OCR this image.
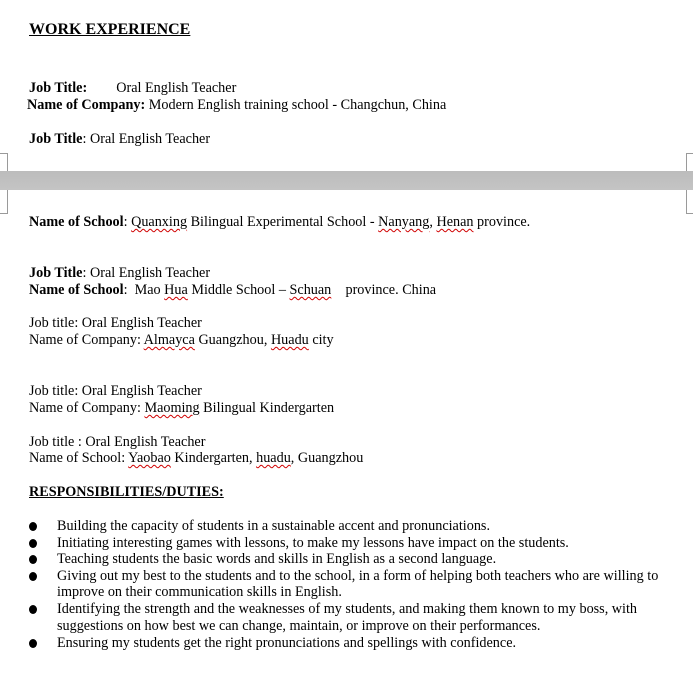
WORK EXPERIENCE
Job Title: Oral English Teacher
Name of Company: Modern English training school - Changchun, China
Job Title: Oral English Teacher
Name of School: Quanxing Bilingual Experimental School - Nanyang, Henan province.
Job Title: Oral English Teacher
Name of School:  Mao Hua Middle School – Schuan    province. China
Job title: Oral English Teacher
Name of Company: Almayca Guangzhou, Huadu city
Job title: Oral English Teacher
Name of Company: Maoming Bilingual Kindergarten
Job title : Oral English Teacher
Name of School: Yaobao Kindergarten, huadu, Guangzhou
RESPONSIBILITIES/DUTIES:
Building the capacity of students in a sustainable accent and pronunciations.
Initiating interesting games with lessons, to make my lessons have impact on the students.
Teaching students the basic words and skills in English as a second language.
Giving out my best to the students and to the school, in a form of helping both teachers who are willing to
improve on their communication skills in English.
Identifying the strength and the weaknesses of my students, and making them known to my boss, with
suggestions on how best we can change, maintain, or improve on their performances.
Ensuring my students get the right pronunciations and spellings with confidence.
